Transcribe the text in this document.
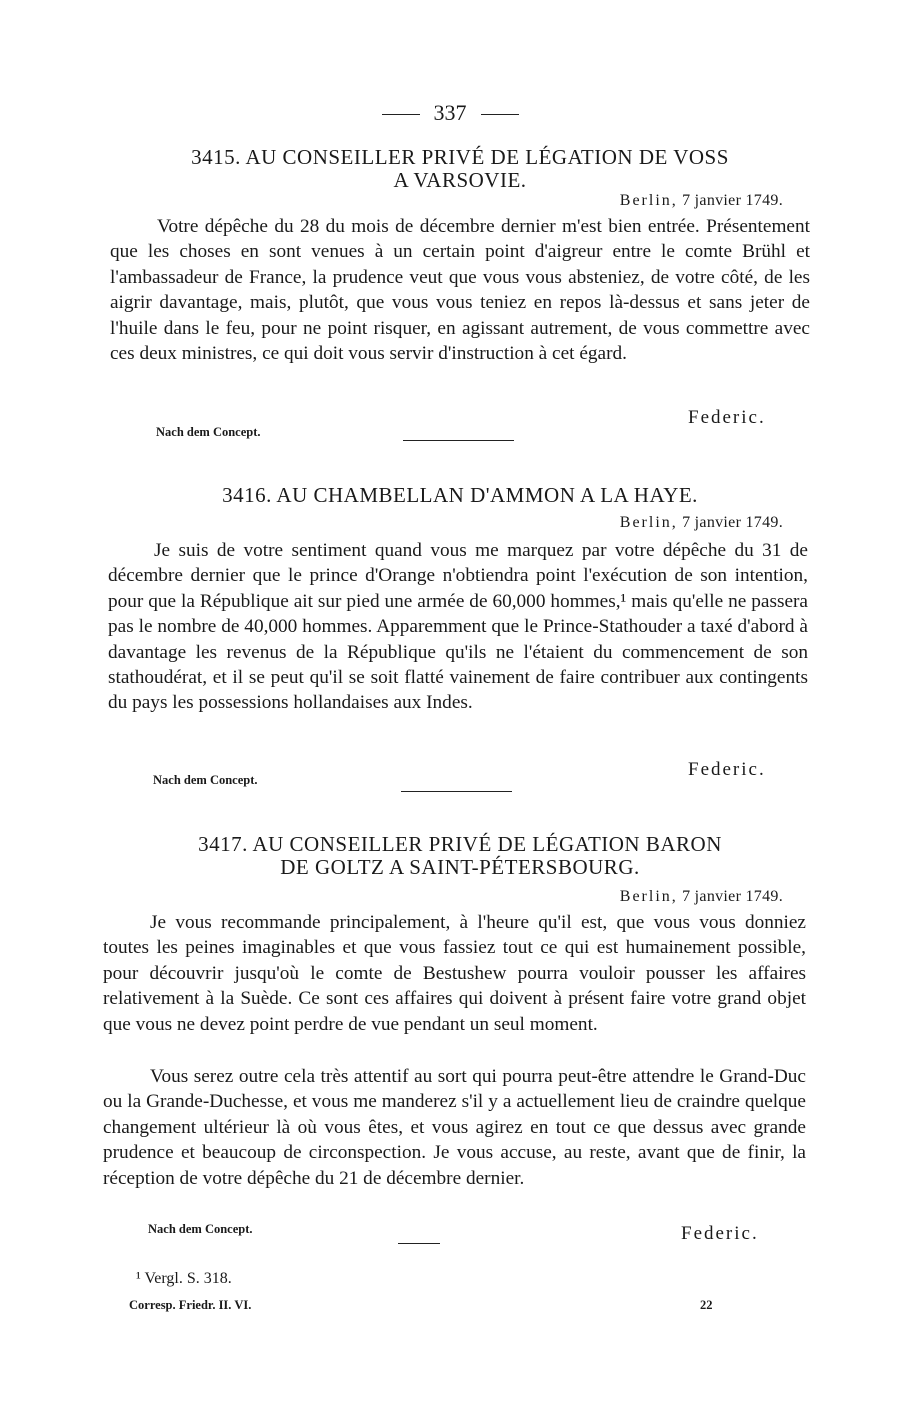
337
3415. AU CONSEILLER PRIVÉ DE LÉGATION DE VOSS
A VARSOVIE.
Berlin, 7 janvier 1749.

Votre dépêche du 28 du mois de décembre dernier m'est bien entrée. Présentement que les choses en sont venues à un certain point d'aigreur entre le comte Brühl et l'ambassadeur de France, la prudence veut que vous vous absteniez, de votre côté, de les aigrir davantage, mais, plutôt, que vous vous teniez en repos là-dessus et sans jeter de l'huile dans le feu, pour ne point risquer, en agissant autrement, de vous commettre avec ces deux ministres, ce qui doit vous servir d'instruction à cet égard.

Federic.
Nach dem Concept.
3416. AU CHAMBELLAN D'AMMON A LA HAYE.
Berlin, 7 janvier 1749.

Je suis de votre sentiment quand vous me marquez par votre dépêche du 31 de décembre dernier que le prince d'Orange n'obtiendra point l'exécution de son intention, pour que la République ait sur pied une armée de 60,000 hommes,¹ mais qu'elle ne passera pas le nombre de 40,000 hommes. Apparemment que le Prince-Stathouder a taxé d'abord à davantage les revenus de la République qu'ils ne l'étaient du commencement de son stathoudérat, et il se peut qu'il se soit flatté vainement de faire contribuer aux contingents du pays les possessions hollandaises aux Indes.

Federic.
Nach dem Concept.
3417. AU CONSEILLER PRIVÉ DE LÉGATION BARON
DE GOLTZ A SAINT-PÉTERSBOURG.
Berlin, 7 janvier 1749.

Je vous recommande principalement, à l'heure qu'il est, que vous vous donniez toutes les peines imaginables et que vous fassiez tout ce qui est humainement possible, pour découvrir jusqu'où le comte de Bestushew pourra vouloir pousser les affaires relativement à la Suède. Ce sont ces affaires qui doivent à présent faire votre grand objet que vous ne devez point perdre de vue pendant un seul moment.

Vous serez outre cela très attentif au sort qui pourra peut-être attendre le Grand-Duc ou la Grande-Duchesse, et vous me manderez s'il y a actuellement lieu de craindre quelque changement ultérieur là où vous êtes, et vous agirez en tout ce que dessus avec grande prudence et beaucoup de circonspection. Je vous accuse, au reste, avant que de finir, la réception de votre dépêche du 21 de décembre dernier.

Federic.
Nach dem Concept.
¹ Vergl. S. 318.
Corresp. Friedr. II. VI.	22
